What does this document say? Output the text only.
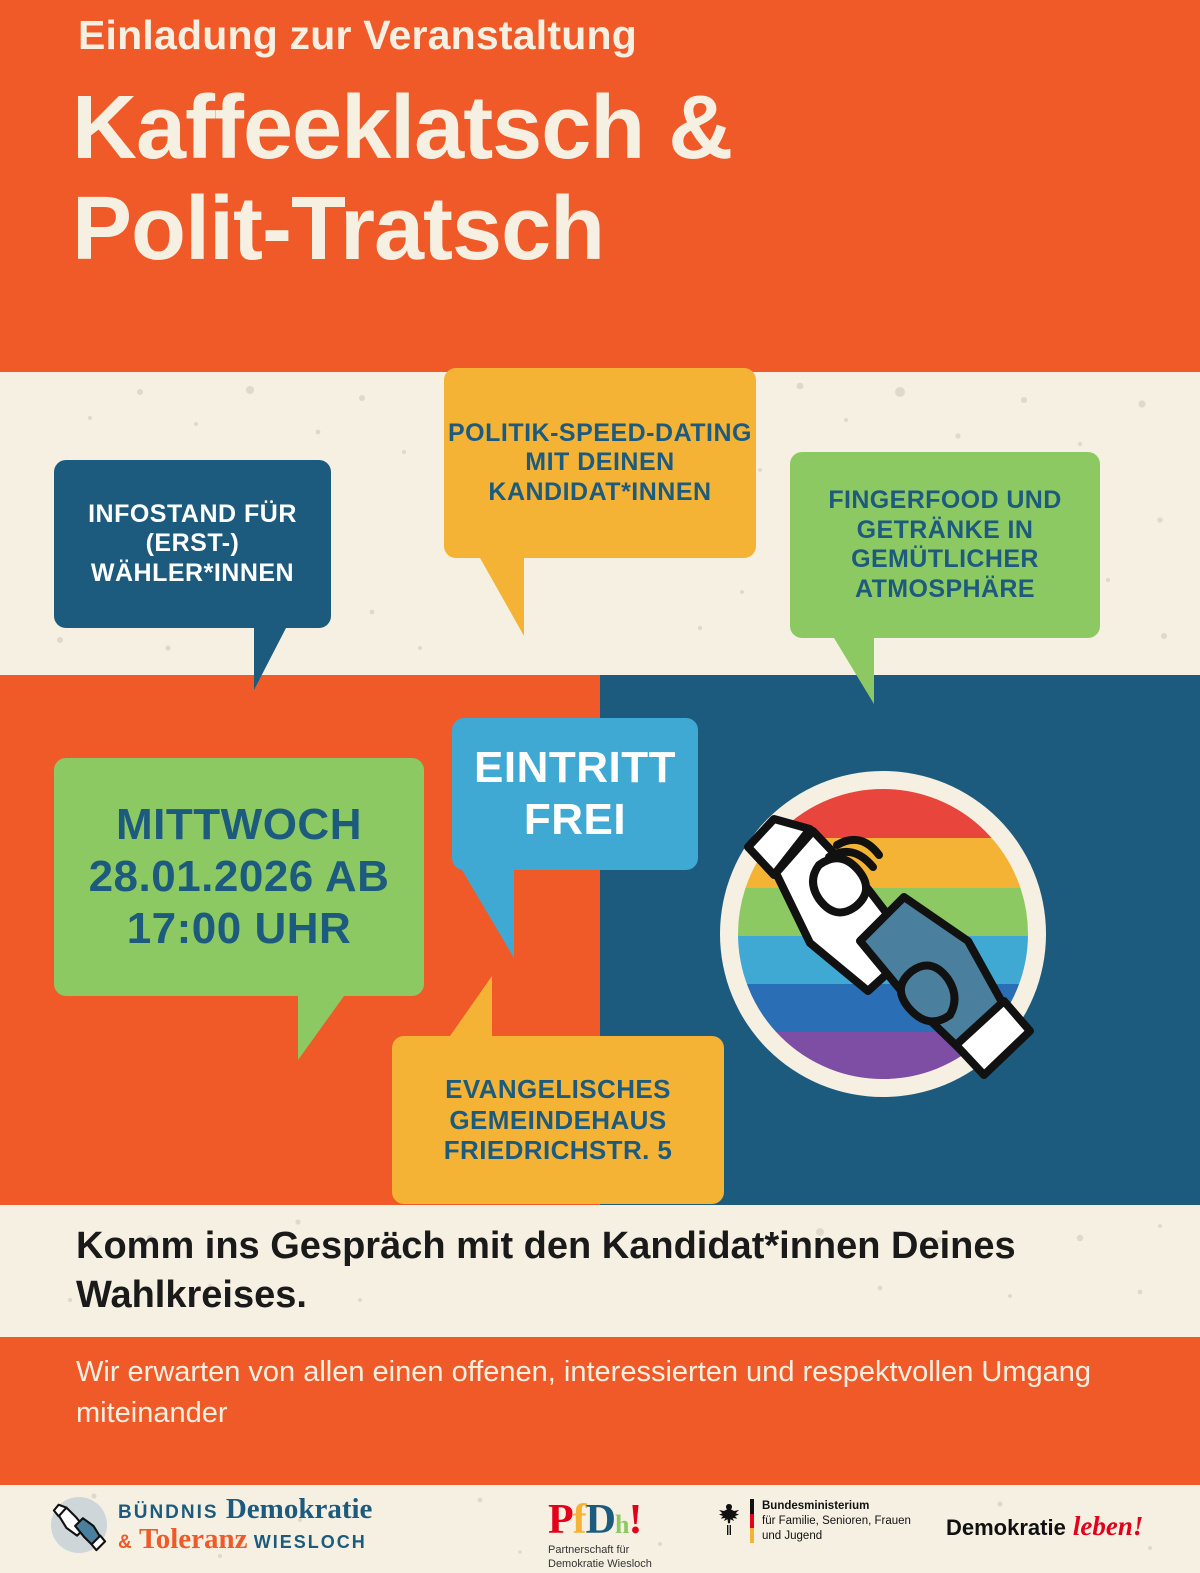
Einladung zur Veranstaltung
Kaffeeklatsch &
Polit-Tratsch
INFOSTAND FÜR (ERST-) WÄHLER*INNEN
POLITIK-SPEED-DATING MIT DEINEN KANDIDAT*INNEN	FINGERFOOD UND GETRÄNKE IN GEMÜTLICHER ATMOSPHÄRE
MITTWOCH 28.01.2026 AB 17:00 UHR
EINTRITT FREI
EVANGELISCHES GEMEINDEHAUS FRIEDRICHSTR. 5
Komm ins Gespräch mit den Kandidat*innen Deines Wahlkreises.
Wir erwarten von allen einen offenen, interessierten und respektvollen Umgang miteinander
BÜNDNIS Demokratie
& Toleranz WIESLOCH	PfDh!
Partnerschaft für
Demokratie Wiesloch
Bundesministerium
für Familie, Senioren, Frauen
und Jugend	Demokratie leben!
